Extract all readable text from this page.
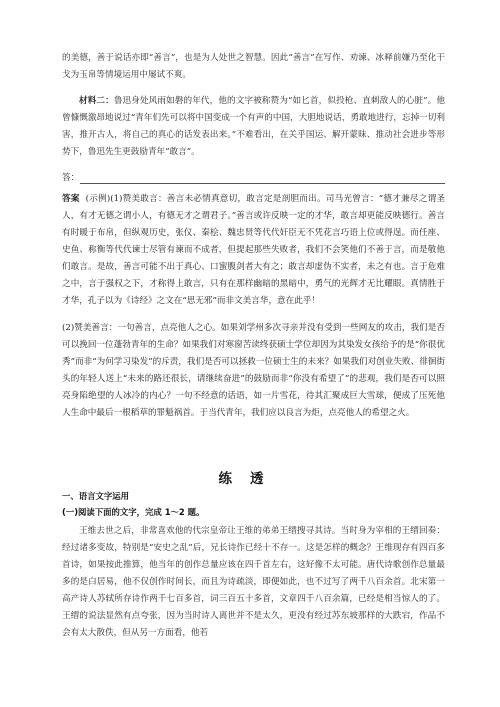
的美德，善于说话亦即“善言”，也是为人处世之智慧。因此“善言”在写作、劝谏、冰释前嫌乃至化干戈为玉帛等情境运用中屡试不爽。

材料二：鲁迅身处风雨如磐的年代，他的文字被称赞为“如匕首，似投枪、直刺敌人的心脏”。他曾慷慨激昂地说过“青年们先可以将中国变成一个有声的中国，大胆地说话，勇敢地进行，忘掉一切利害，推开古人，将自己的真心的话发表出来。”不难看出，在关乎国运、解开蒙昧、推动社会进步等形势下，鲁迅先生更鼓励青年“敢言”。

答：

答案 (示例)(1)赞美敢言：善言未必情真意切，敢言定是剖胆而出。司马光曾言：“德才兼尽之谓圣人，有才无德之谓小人，有德无才之谓君子。”善言或许反映一定的才华，敢言却更能反映德行。善言有时暖于布帛，但纵观历史，张仪、秦桧、魏忠贤等代代奸臣无不凭花言巧语上位或得逞。而任座、史鱼、称衡等代代谏士尽管有谏而不成者，但提起那些失败者，我们不会笑他们不善于言，而是敬他们敢言。是故，善言可能不出于真心、口蜜腹剑者大有之；敢言却虚伪不实者，未之有也。言于危难之中，言于强权之下，才称得上敢言，只有在那样幽暗的黑暗中，勇气的光辉才无比耀眼。真情胜于才华，孔子以为《诗经》之文在“思无邪”而非文美言华，意在此乎！

(2)赞美善言：一句善言，点亮他人之心。如果刘学州多次寻亲并没有受到一些网友的攻击，我们是否可以挽回一位蓬勃青年的生命？如果我们对寒窗苦读终获硕士学位却因为其染发女孩给予的是“你很优秀”而非“为何学习染发”的斥责，我们是否可以拯救一位硕士生的未来？如果我们对创业失败、徘徊街头的年轻人送上“未来的路还很长，请继续奋进”的鼓励而非“你没有希望了”的悲观，我们是否可以照亮身陷绝望的人冰冷的内心？一句不经意的话语，如一片雪花，待其汇聚成巨大雪球，便成了压死他人生命中最后一根稻草的罪魁祸首。于当代青年，我们应以良言为炬，点亮他人的希望之火。

练透
一、语言文字运用
(一)阅读下面的文字，完成 1～2 题。

王维去世之后，非常喜欢他的代宗皇帝让王维的弟弟王缙搜寻其诗。当时身为宰相的王缙回奏：经过诸多变故，特别是“安史之乱”后，兄长诗作已经十不存一。这是怎样的概念？王维现存有四百多首诗，如果按此推算，他当年的创作总量应该在四千首左右，这好像不太可能。唐代诗歌创作总量最多的是白居易，他不仅创作时间长，而且为诗疏淡，即便如此，也不过写了两千八百余首。北宋第一高产诗人苏轼所存诗作两千七百多首，词三百五十多首，文章四千八百余篇，已经是相当惊人的了。王缙的说法显然有点夸张，因为当时诗人离世并不是太久，更没有经过苏东坡那样的大跌宕，作品不会有太大散佚，但从另一方面看，他若
